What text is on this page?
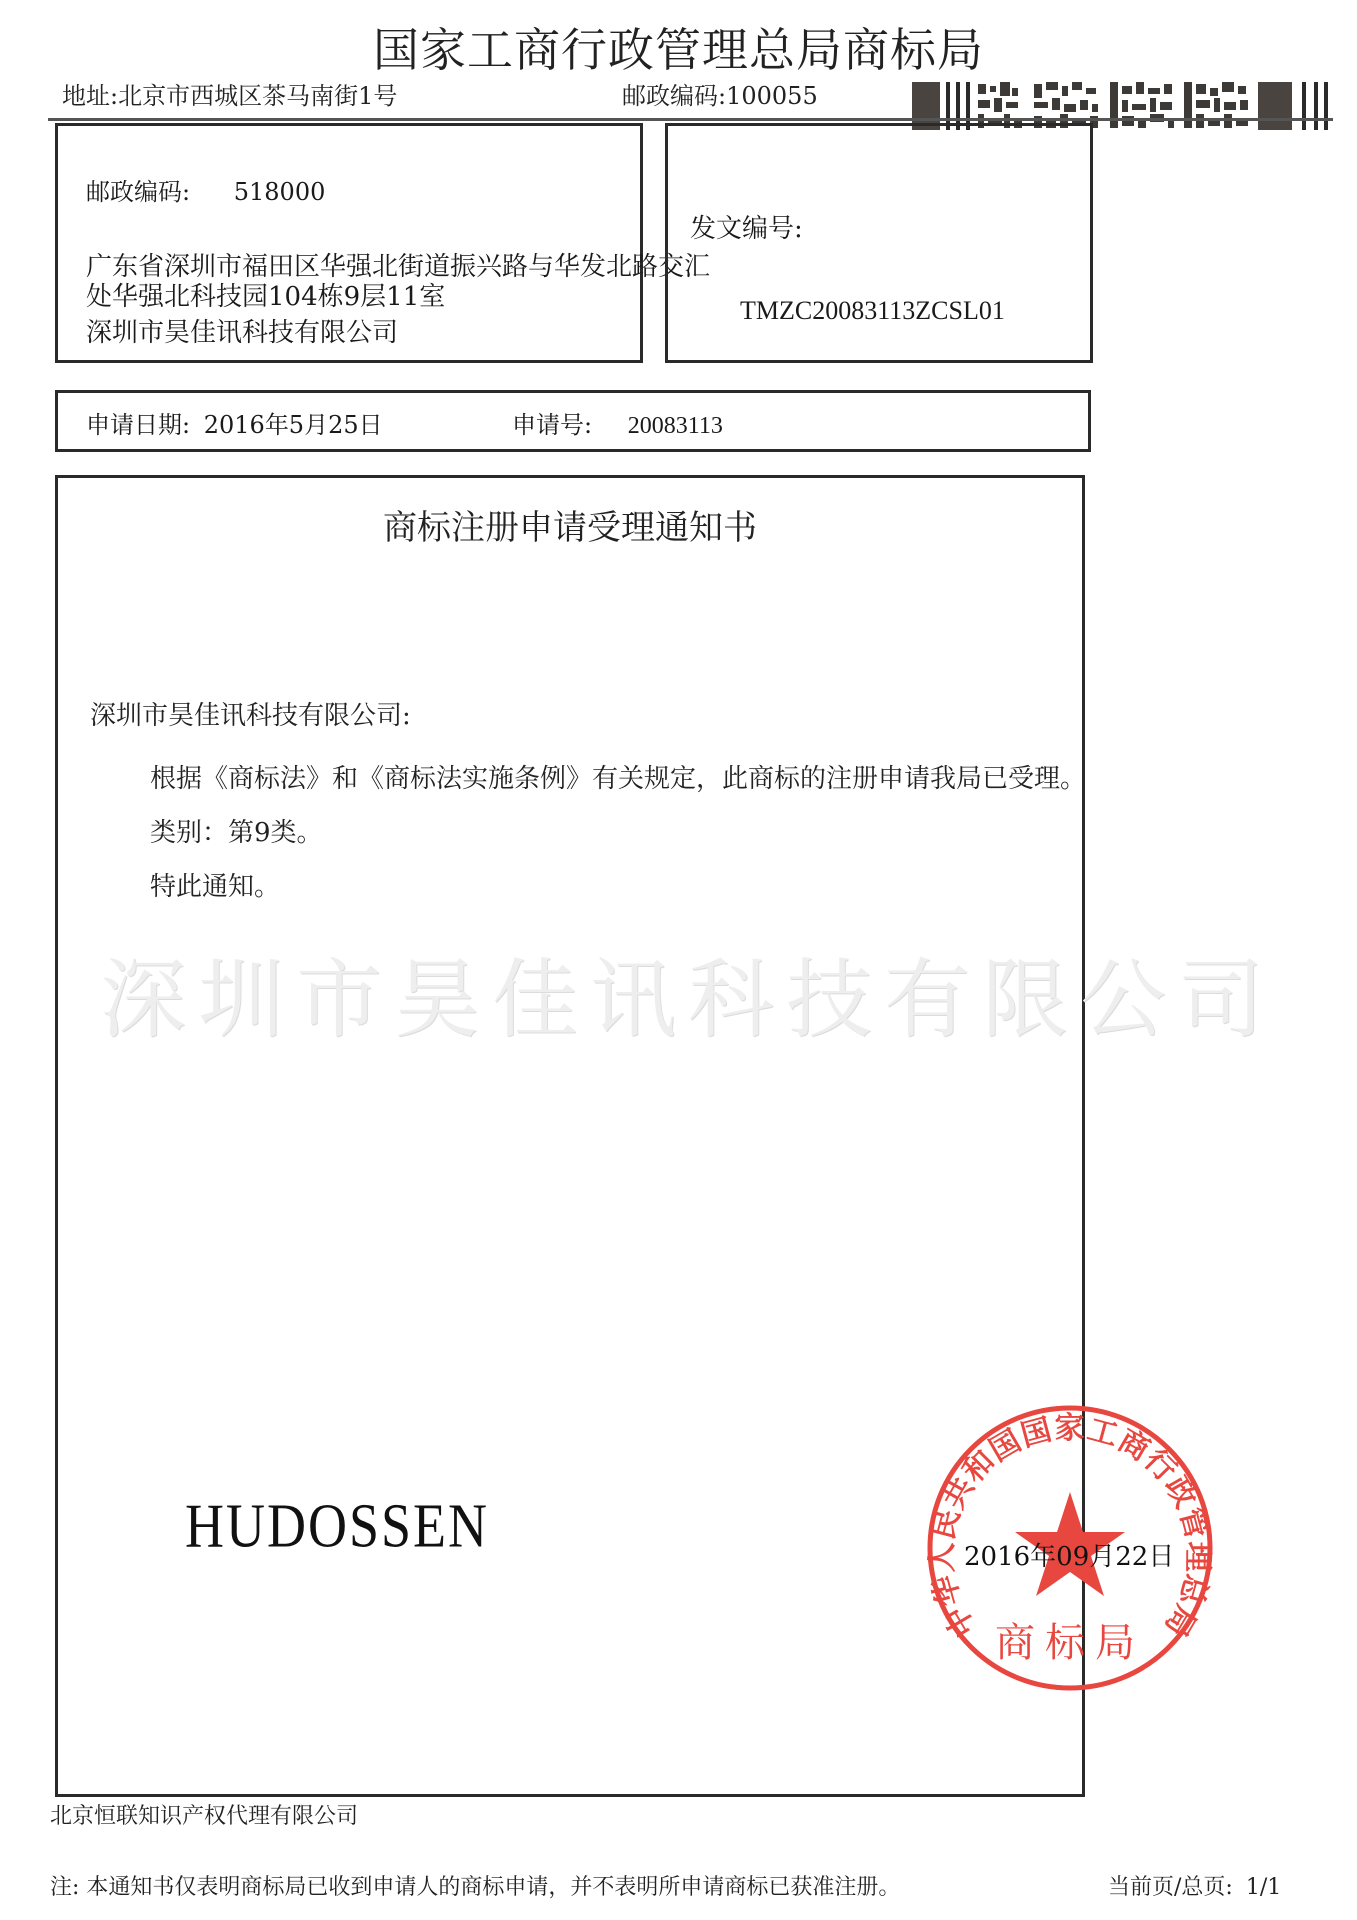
国家工商行政管理总局商标局
地址:北京市西城区茶马南街1号	邮政编码:100055
邮政编码: 518000
广东省深圳市福田区华强北街道振兴路与华发北路交汇
处华强北科技园104栋9层11室
深圳市昊佳讯科技有限公司
发文编号:
TMZC20083113ZCSL01
申请日期: 2016年5月25日	申请号: 20083113
商标注册申请受理通知书
深圳市昊佳讯科技有限公司:
根据《商标法》和《商标法实施条例》有关规定，此商标的注册申请我局已受理。
类别：第9类。
特此通知。
深圳市昊佳讯科技有限公司
HUDOSSEN
中华人民共和国国家工商行政管理总局
商标局
2016年09月22日
北京恒联知识产权代理有限公司
注: 本通知书仅表明商标局已收到申请人的商标申请，并不表明所申请商标已获准注册。	当前页/总页: 1/1
